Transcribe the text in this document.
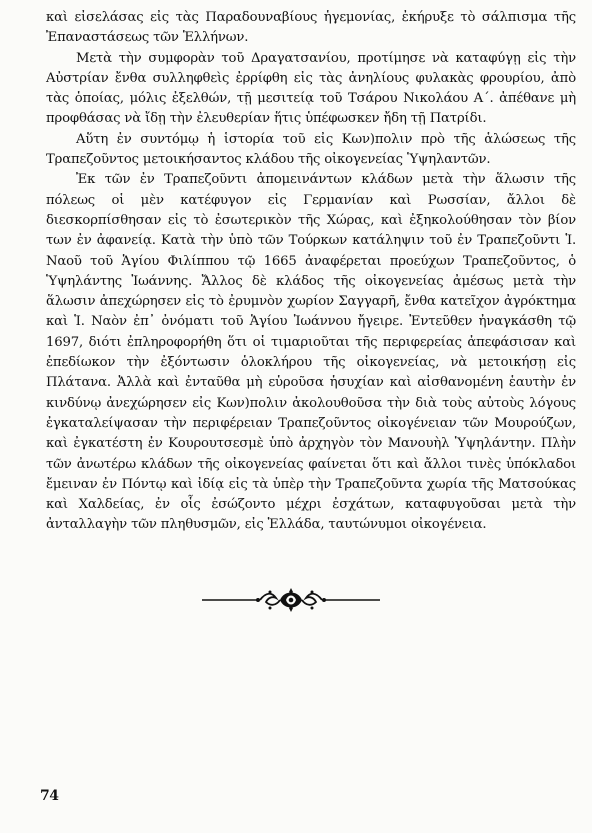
καὶ εἰσελάσας εἰς τὰς Παραδουναβίους ἡγεμονίας, ἐκήρυξε τὸ σάλπισμα τῆς Ἐπαναστάσεως τῶν Ἑλλήνων.

Μετὰ τὴν συμφορὰν τοῦ Δραγατσανίου, προτίμησε νὰ καταφύγῃ εἰς τὴν Αὐστρίαν ἔνθα συλληφθεὶς ἐρρίφθη εἰς τὰς ἀνηλίους φυλακὰς φρουρίου, ἀπὸ τὰς ὁποίας, μόλις ἐξελθών, τῇ μεσιτείᾳ τοῦ Τσάρου Νικολάου Α΄. ἀπέθανε μὴ προφθάσας νὰ ἴδῃ τὴν ἐλευθερίαν ἥτις ὑπέφωσκεν ἤδη τῇ Πατρίδι.

Αὕτη ἐν συντόμῳ ἡ ἱστορία τοῦ εἰς Κων)πολιν πρὸ τῆς ἁλώσεως τῆς Τραπεζοῦντος μετοικήσαντος κλάδου τῆς οἰκογενείας Ὑψηλαντῶν.

Ἐκ τῶν ἐν Τραπεζοῦντι ἀπομεινάντων κλάδων μετὰ τὴν ἅλωσιν τῆς πόλεως οἱ μὲν κατέφυγον εἰς Γερμανίαν καὶ Ρωσσίαν, ἄλλοι δὲ διεσκορπίσθησαν εἰς τὸ ἐσωτερικὸν τῆς Χώρας, καὶ ἐξηκολούθησαν τὸν βίον των ἐν ἀφανείᾳ. Κατὰ τὴν ὑπὸ τῶν Τούρκων κατάληψιν τοῦ ἐν Τραπεζοῦντι Ἱ. Ναοῦ τοῦ Ἁγίου Φιλίππου τῷ 1665 ἀναφέρεται προεύχων Τραπεζοῦντος, ὁ Ὑψηλάντης Ἰωάννης. Ἄλλος δὲ κλάδος τῆς οἰκογενείας ἀμέσως μετὰ τὴν ἅλωσιν ἀπεχώρησεν εἰς τὸ ἐρυμνὸν χωρίον Σαγγαρῆ, ἔνθα κατεῖχον ἀγρόκτημα καὶ Ἱ. Ναὸν ἐπ᾽ ὀνόματι τοῦ Ἁγίου Ἰωάννου ἤγειρε. Ἐντεῦθεν ἠναγκάσθη τῷ 1697, διότι ἐπληροφορήθη ὅτι οἱ τιμαριοῦται τῆς περιφερείας ἀπεφάσισαν καὶ ἐπεδίωκον τὴν ἐξόντωσιν ὁλοκλήρου τῆς οἰκογενείας, νὰ μετοικήσῃ εἰς Πλάτανα. Ἀλλὰ καὶ ἐνταῦθα μὴ εὑροῦσα ἡσυχίαν καὶ αἰσθανομένη ἑαυτὴν ἐν κινδύνῳ ἀνεχώρησεν εἰς Κων)πολιν ἀκολουθοῦσα τὴν διὰ τοὺς αὐτοὺς λόγους ἐγκαταλείψασαν τὴν περιφέρειαν Τραπεζοῦντος οἰκογένειαν τῶν Μουρούζων, καὶ ἐγκατέστη ἐν Κουρουτσεσμὲ ὑπὸ ἀρχηγὸν τὸν Μανουὴλ Ὑψηλάντην. Πλὴν τῶν ἀνωτέρω κλάδων τῆς οἰκογενείας φαίνεται ὅτι καὶ ἄλλοι τινὲς ὑπόκλαδοι ἔμειναν ἐν Πόντῳ καὶ ἰδίᾳ εἰς τὰ ὑπὲρ τὴν Τραπεζοῦντα χωρία τῆς Ματσούκας καὶ Χαλδείας, ἐν οἷς ἐσώζοντο μέχρι ἐσχάτων, καταφυγοῦσαι μετὰ τὴν ἀνταλλαγὴν τῶν πληθυσμῶν, εἰς Ἑλλάδα, ταυτώνυμοι οἰκογένεια.

74
